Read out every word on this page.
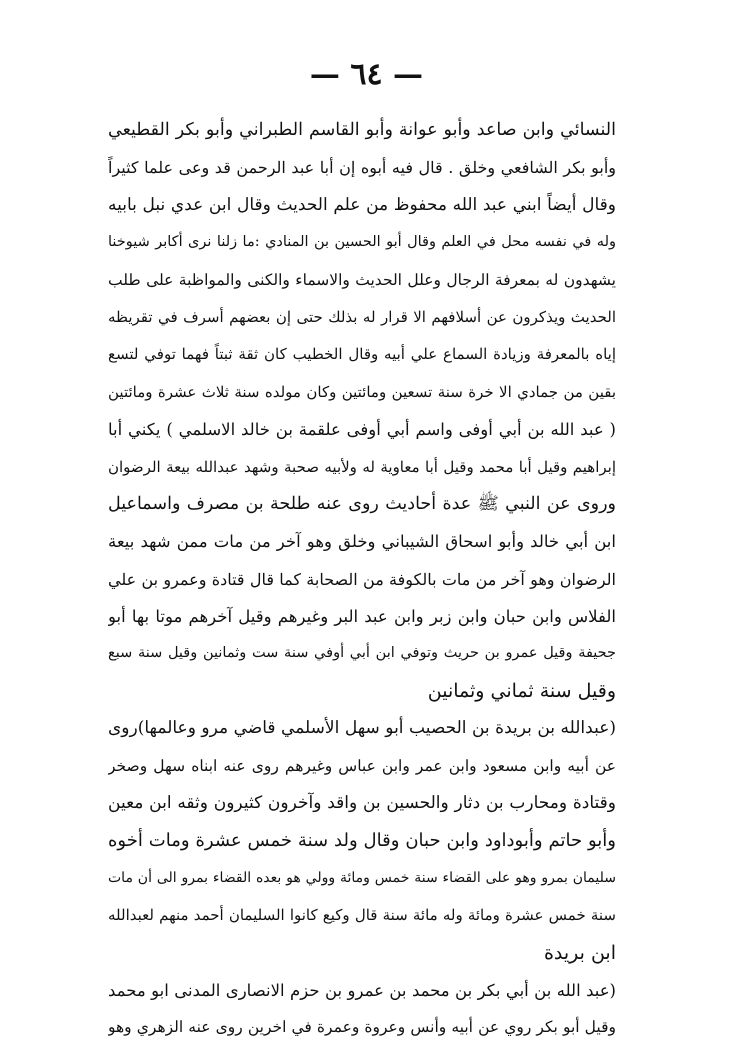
— ٦٤ —
النسائي وابن صاعد وأبو عوانة وأبو القاسم الطبراني وأبو بكر القطيعي
وأبو بكر الشافعي وخلق . قال فيه أبوه إن أبا عبد الرحمن قد وعى علما كثيراً
وقال أيضاً ابني عبد الله محفوظ من علم الحديث وقال ابن عدي نبل بابيه
وله في نفسه محل في العلم وقال أبو الحسين بن المنادي :ما زلنا نرى أكابر شيوخنا
يشهدون له بمعرفة الرجال وعلل الحديث والاسماء والكنى والمواظبة على طلب
الحديث ويذكرون عن أسلافهم الا قرار له بذلك حتى إن بعضهم أسرف في تقريظه
إياه بالمعرفة وزيادة السماع علي أبيه وقال الخطيب كان ثقة ثبتاً فهما توفي لتسع
بقين من جمادي الا خرة سنة تسعين ومائتين وكان مولده سنة ثلاث عشرة ومائتين
( عبد الله بن أبي أوفى واسم أبي أوفى علقمة بن خالد الاسلمي ) يكني أبا
إبراهيم وقيل أبا محمد وقيل أبا معاوية له ولأبيه صحبة وشهد عبدالله بيعة الرضوان
وروى عن النبي ﷺ عدة أحاديث روى عنه طلحة بن مصرف واسماعيل
ابن أبي خالد وأبو اسحاق الشيباني وخلق وهو آخر من مات ممن شهد بيعة
الرضوان وهو آخر من مات بالكوفة من الصحابة كما قال قتادة وعمرو بن علي
الفلاس وابن حبان وابن زبر وابن عبد البر وغيرهم وقيل آخرهم موتا بها أبو
جحيفة وقيل عمرو بن حريث وتوفي ابن أبي أوفي سنة ست وثمانين وقيل سنة سبع
وقيل سنة ثماني وثمانين
(عبدالله بن بريدة بن الحصيب أبو سهل الأسلمي قاضي مرو وعالمها)روى
عن أبيه وابن مسعود وابن عمر وابن عباس وغيرهم روى عنه ابناه سهل وصخر
وقتادة ومحارب بن دثار والحسين بن واقد وآخرون كثيرون وثقه ابن معين
وأبو حاتم وأبوداود وابن حبان وقال ولد سنة خمس عشرة ومات أخوه
سليمان بمرو وهو على القضاء سنة خمس ومائة وولي هو بعده القضاء بمرو الى أن مات
سنة خمس عشرة ومائة وله مائة سنة قال وكيع كانوا السليمان أحمد منهم لعبدالله
ابن بريدة
(عبد الله بن أبي بكر بن محمد بن عمرو بن حزم الانصارى المدنى ابو محمد
وقيل أبو بكر روي عن أبيه وأنس وعروة وعمرة في اخرين روى عنه الزهري وهو
